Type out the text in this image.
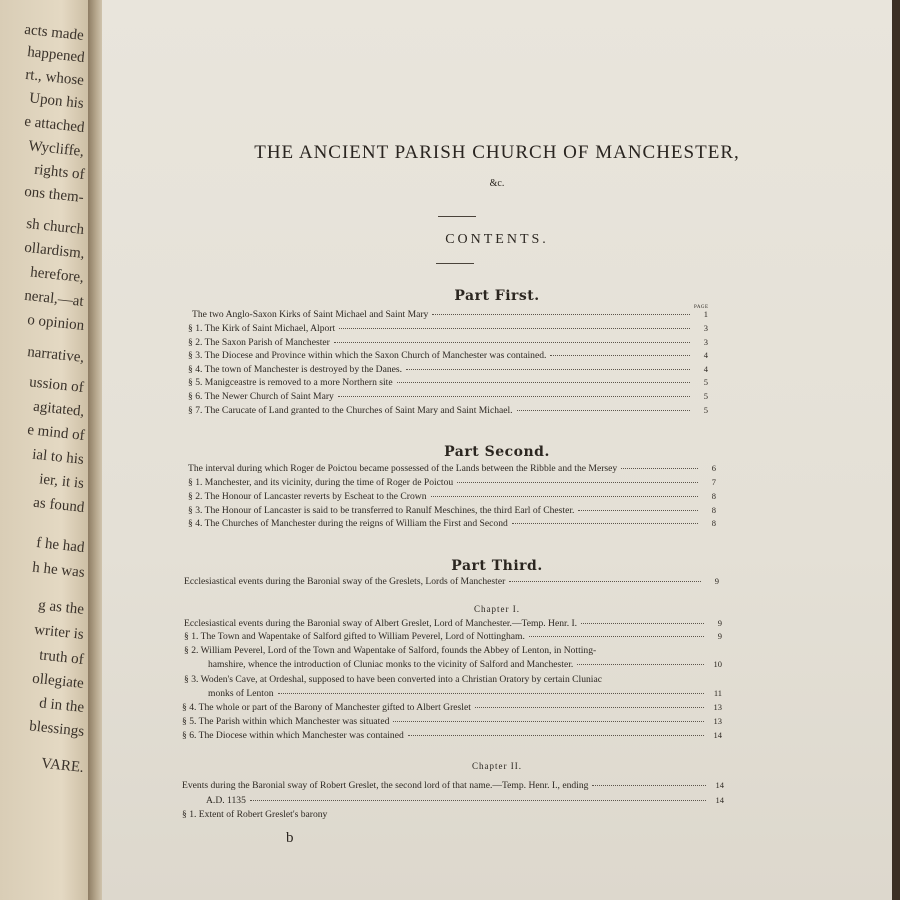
acts made
happened
rt., whose
Upon his
e attached
Wycliffe,
rights of
ons them-
sh church
ollardism,
herefore,
neral,—at
o opinion
narrative,
ussion of
agitated,
e mind of
ial to his
ier, it is
as found
f he had
h he was
g as the
writer is
truth of
ollegiate
d in the
blessings
VARE.
THE ANCIENT PARISH CHURCH OF MANCHESTER,
&c.
CONTENTS.
Part First.
PAGE
The two Anglo-Saxon Kirks of Saint Michael and Saint Mary	1
§ 1. The Kirk of Saint Michael, Alport	3
§ 2. The Saxon Parish of Manchester	3
§ 3. The Diocese and Province within which the Saxon Church of Manchester was contained.	4
§ 4. The town of Manchester is destroyed by the Danes.	4
§ 5. Manigceastre is removed to a more Northern site	5
§ 6. The Newer Church of Saint Mary	5
§ 7. The Carucate of Land granted to the Churches of Saint Mary and Saint Michael.	5
Part Second.
The interval during which Roger de Poictou became possessed of the Lands between the Ribble and the Mersey	6
§ 1. Manchester, and its vicinity, during the time of Roger de Poictou	7
§ 2. The Honour of Lancaster reverts by Escheat to the Crown	8
§ 3. The Honour of Lancaster is said to be transferred to Ranulf Meschines, the third Earl of Chester.	8
§ 4. The Churches of Manchester during the reigns of William the First and Second	8
Part Third.
Ecclesiastical events during the Baronial sway of the Greslets, Lords of Manchester	9
Chapter I.
Ecclesiastical events during the Baronial sway of Albert Greslet, Lord of Manchester.—Temp. Henr. I.	9
§ 1. The Town and Wapentake of Salford gifted to William Peverel, Lord of Nottingham.	9
§ 2. William Peverel, Lord of the Town and Wapentake of Salford, founds the Abbey of Lenton, in Notting-
hamshire, whence the introduction of Cluniac monks to the vicinity of Salford and Manchester.	10
§ 3. Woden's Cave, at Ordeshal, supposed to have been converted into a Christian Oratory by certain Cluniac
monks of Lenton	11
§ 4. The whole or part of the Barony of Manchester gifted to Albert Greslet	13
§ 5. The Parish within which Manchester was situated	13
§ 6. The Diocese within which Manchester was contained	14
Chapter II.
Events during the Baronial sway of Robert Greslet, the second lord of that name.—Temp. Henr. I., ending	14
A.D. 1135	14
§ 1. Extent of Robert Greslet's barony
b
